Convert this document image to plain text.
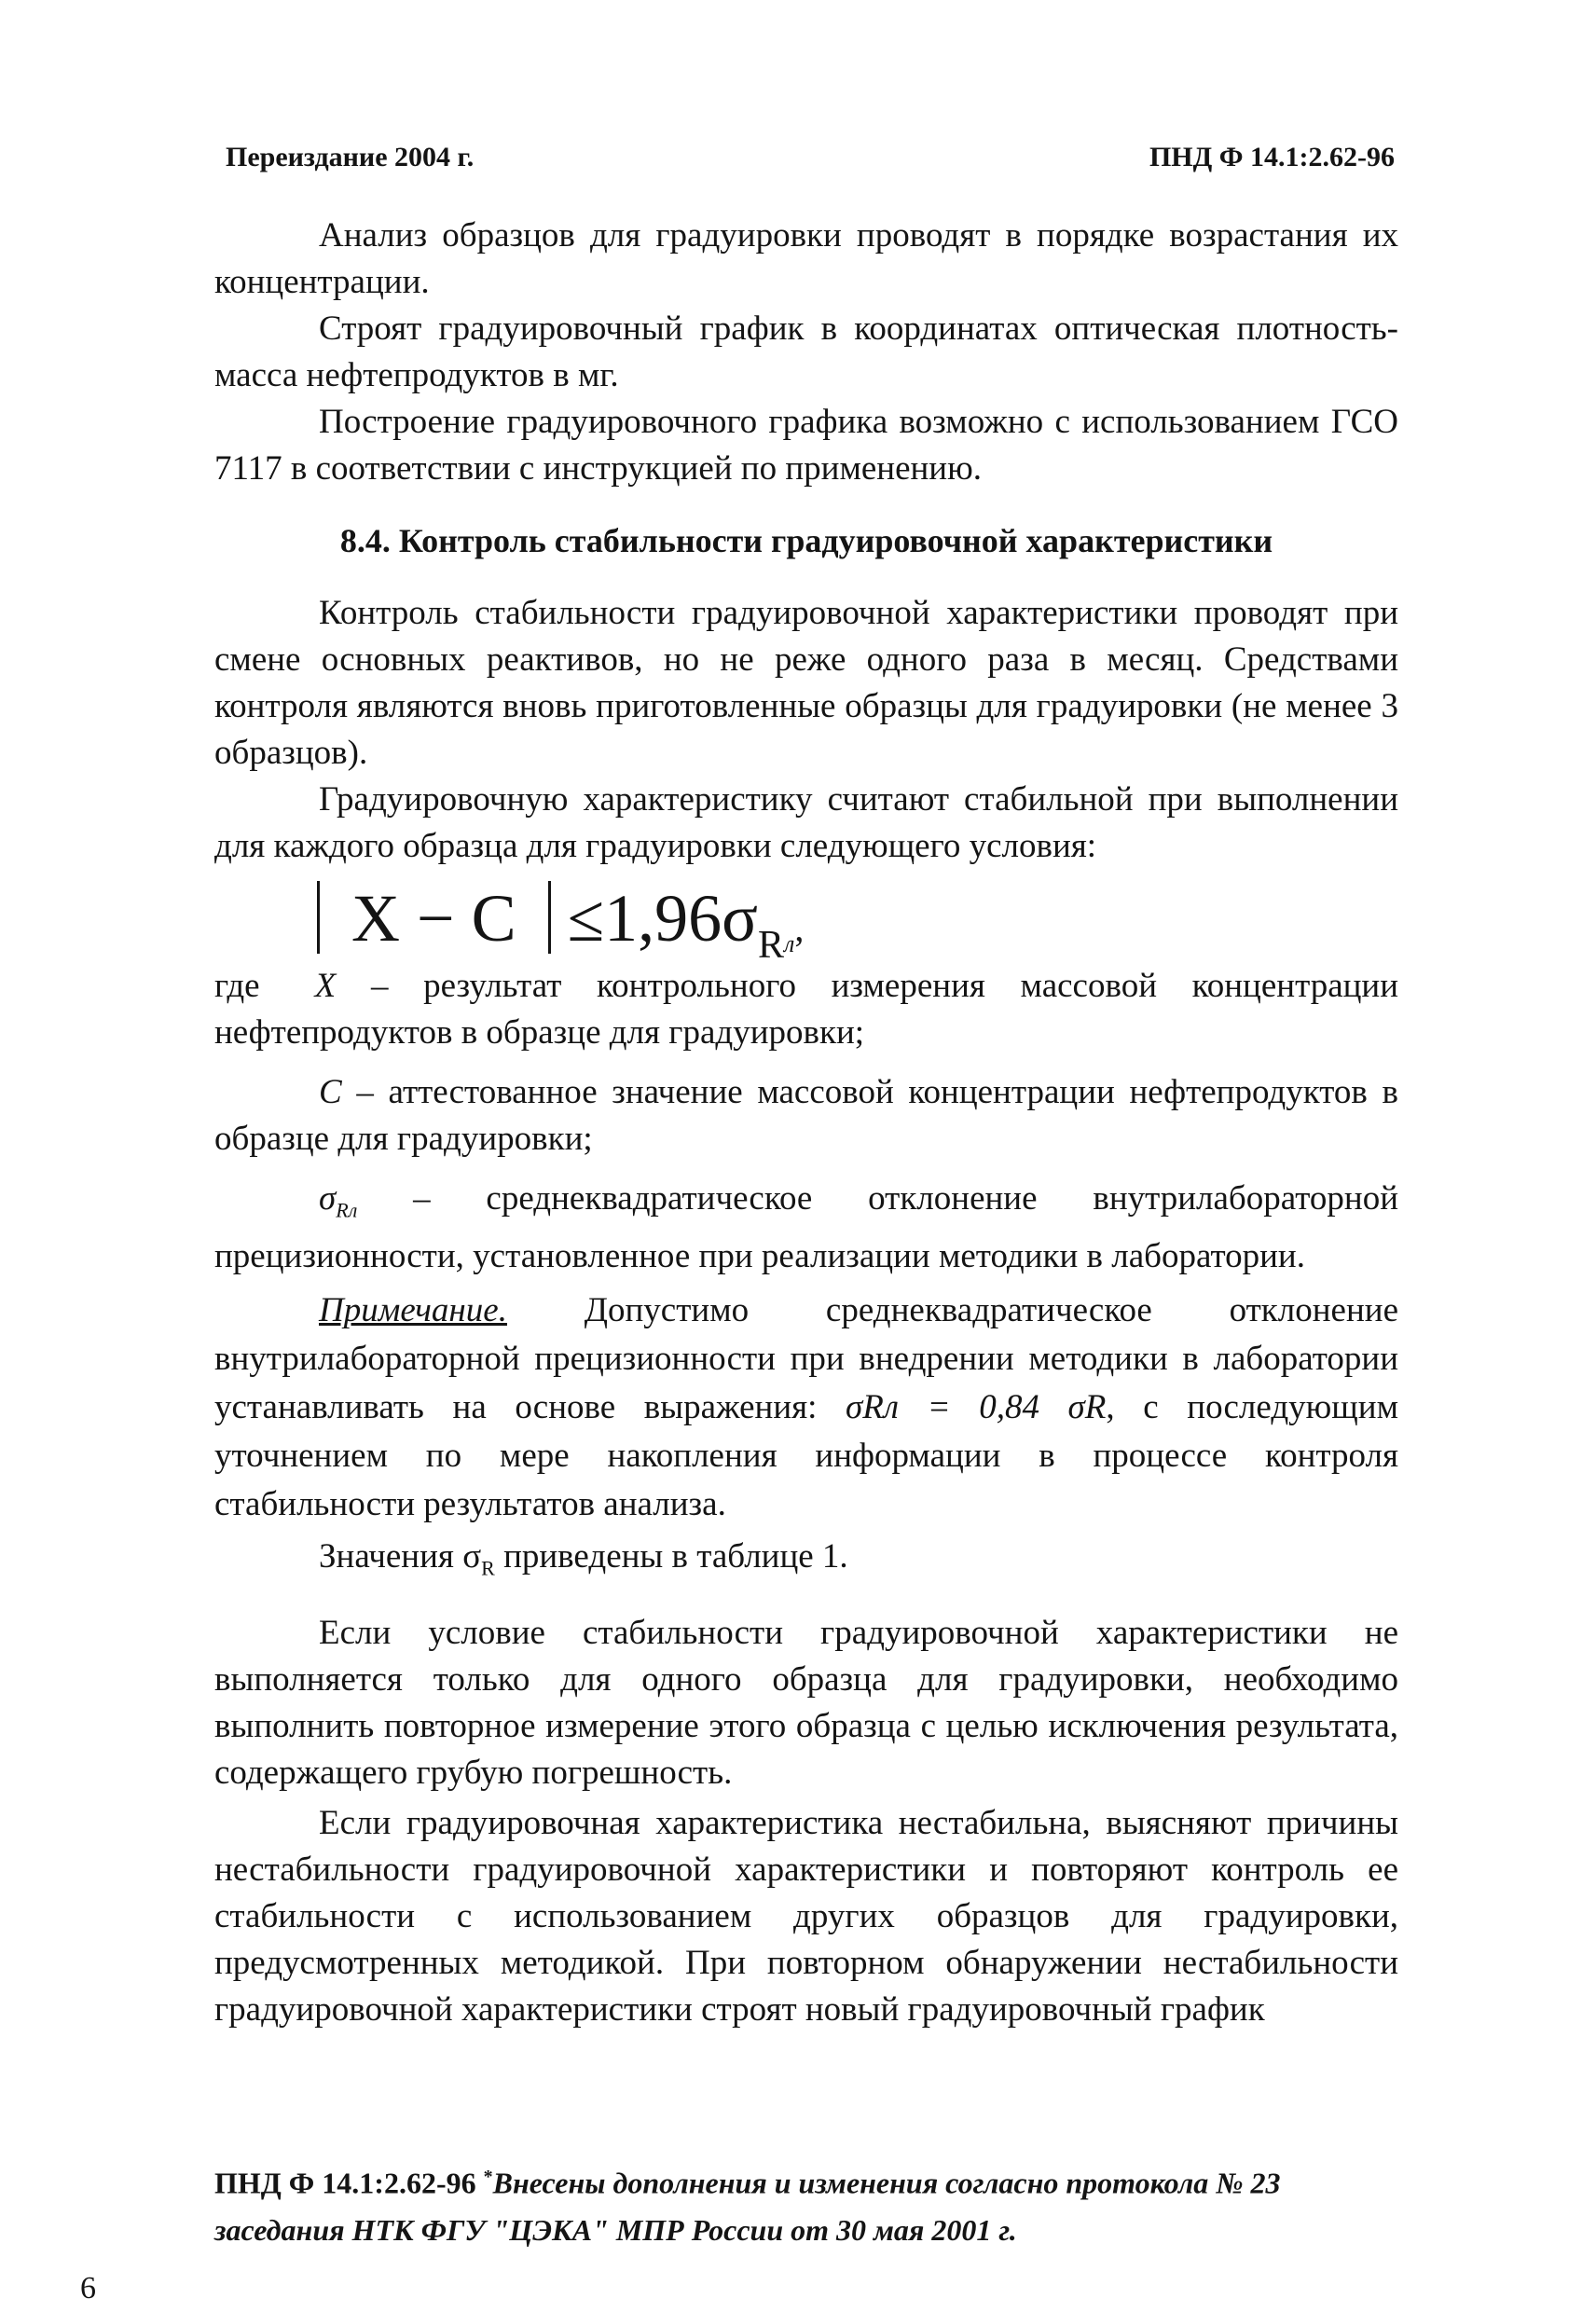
Переиздание 2004 г.	ПНД Ф 14.1:2.62-96

Анализ образцов для градуировки проводят в порядке возрастания их концентрации.

Строят градуировочный график в координатах оптическая плотность-масса нефтепродуктов в мг.

Построение градуировочного графика возможно с использованием ГСО 7117 в соответствии с инструкцией по применению.

8.4. Контроль стабильности градуировочной характеристики

Контроль стабильности градуировочной характеристики проводят при смене основных реактивов, но не реже одного раза в месяц. Средствами контроля являются вновь приготовленные образцы для градуировки (не менее 3 образцов).

Градуировочную характеристику считают стабильной при выполнении для каждого образца для градуировки следующего условия:

$X - C \le 1,96\sigma_Rл$,

где X – результат контрольного измерения массовой концентрации нефтепродуктов в образце для градуировки;

C – аттестованное значение массовой концентрации нефтепродуктов в образце для градуировки;

$\sigma_{Rл}$ – среднеквадратическое отклонение внутрилабораторной прецизионности, установленное при реализации методики в лаборатории.

Примечание. Допустимо среднеквадратическое отклонение внутрилабораторной прецизионности при внедрении методики в лаборатории устанавливать на основе выражения: σRл = 0,84 σR, с последующим уточнением по мере накопления информации в процессе контроля стабильности результатов анализа.

Значения $\sigma_R$ приведены в таблице 1.

Если условие стабильности градуировочной характеристики не выполняется только для одного образца для градуировки, необходимо выполнить повторное измерение этого образца с целью исключения результата, содержащего грубую погрешность.

Если градуировочная характеристика нестабильна, выясняют причины нестабильности градуировочной характеристики и повторяют контроль ее стабильности с использованием других образцов для градуировки, предусмотренных методикой. При повторном обнаружении нестабильности градуировочной характеристики строят новый градуировочный график

ПНД Ф 14.1:2.62-96 *Внесены дополнения и изменения согласно протокола № 23 заседания НТК ФГУ "ЦЭКА" МПР России от 30 мая 2001 г.
6
